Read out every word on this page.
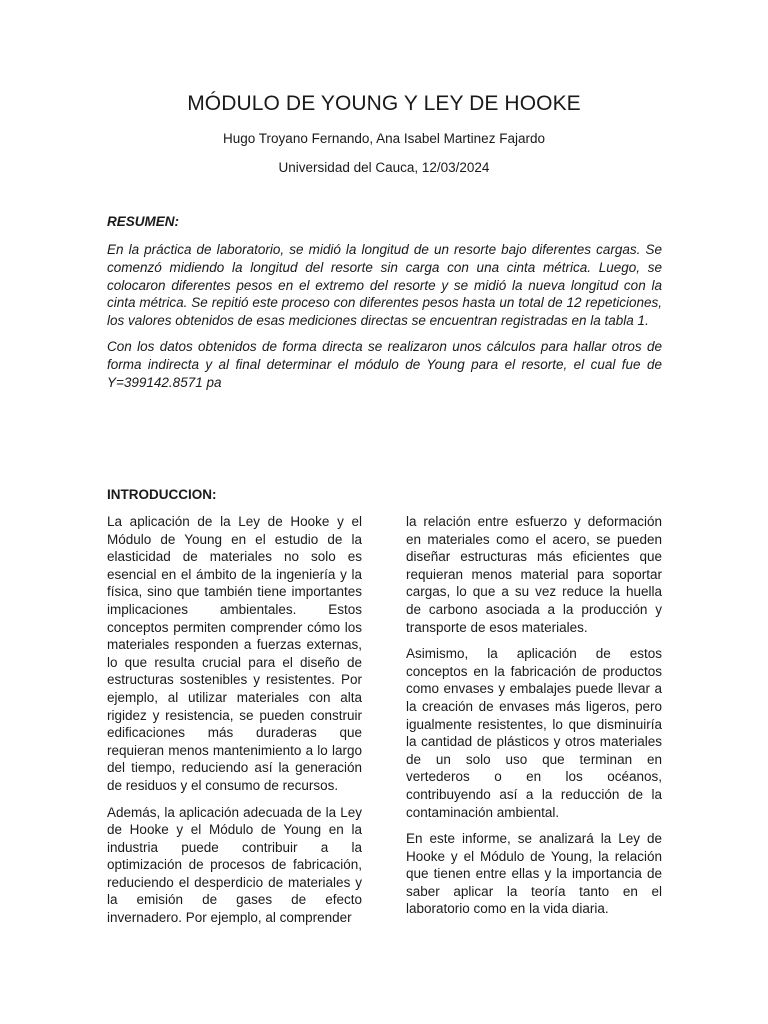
MÓDULO DE YOUNG Y LEY DE HOOKE

Hugo Troyano Fernando, Ana Isabel Martinez Fajardo

Universidad del Cauca, 12/03/2024

RESUMEN:

En la práctica de laboratorio, se midió la longitud de un resorte bajo diferentes cargas. Se comenzó midiendo la longitud del resorte sin carga con una cinta métrica. Luego, se colocaron diferentes pesos en el extremo del resorte y se midió la nueva longitud con la cinta métrica. Se repitió este proceso con diferentes pesos hasta un total de 12 repeticiones, los valores obtenidos de esas mediciones directas se encuentran registradas en la tabla 1.

Con los datos obtenidos de forma directa se realizaron unos cálculos para hallar otros de forma indirecta y al final determinar el módulo de Young para el resorte, el cual fue de Y=399142.8571 pa

INTRODUCCION:

La aplicación de la Ley de Hooke y el Módulo de Young en el estudio de la elasticidad de materiales no solo es esencial en el ámbito de la ingeniería y la física, sino que también tiene importantes implicaciones ambientales. Estos conceptos permiten comprender cómo los materiales responden a fuerzas externas, lo que resulta crucial para el diseño de estructuras sostenibles y resistentes. Por ejemplo, al utilizar materiales con alta rigidez y resistencia, se pueden construir edificaciones más duraderas que requieran menos mantenimiento a lo largo del tiempo, reduciendo así la generación de residuos y el consumo de recursos.

Además, la aplicación adecuada de la Ley de Hooke y el Módulo de Young en la industria puede contribuir a la optimización de procesos de fabricación, reduciendo el desperdicio de materiales y la emisión de gases de efecto invernadero. Por ejemplo, al comprender

la relación entre esfuerzo y deformación en materiales como el acero, se pueden diseñar estructuras más eficientes que requieran menos material para soportar cargas, lo que a su vez reduce la huella de carbono asociada a la producción y transporte de esos materiales.

Asimismo, la aplicación de estos conceptos en la fabricación de productos como envases y embalajes puede llevar a la creación de envases más ligeros, pero igualmente resistentes, lo que disminuiría la cantidad de plásticos y otros materiales de un solo uso que terminan en vertederos o en los océanos, contribuyendo así a la reducción de la contaminación ambiental.

En este informe, se analizará la Ley de Hooke y el Módulo de Young, la relación que tienen entre ellas y la importancia de saber aplicar la teoría tanto en el laboratorio como en la vida diaria.
